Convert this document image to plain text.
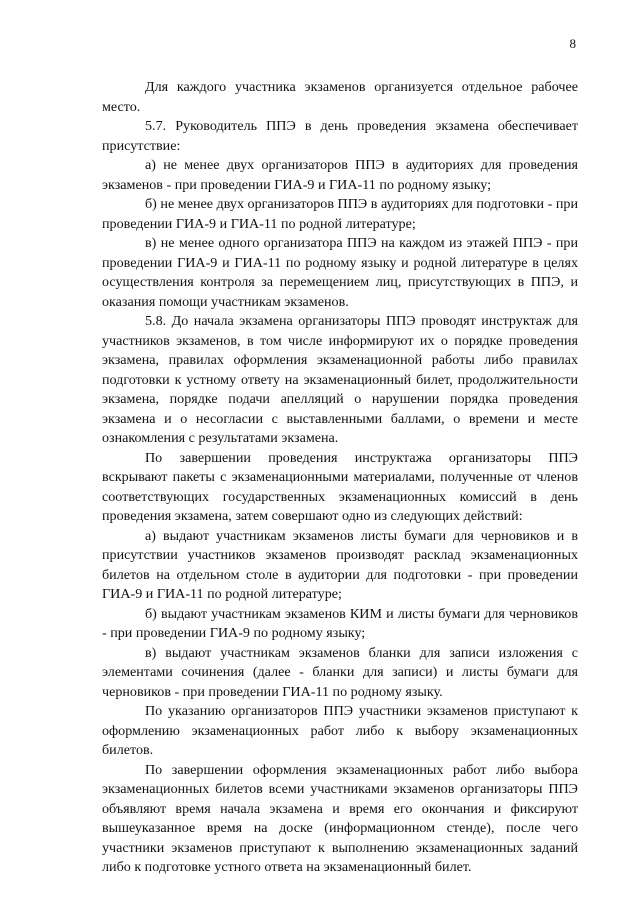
8

Для каждого участника экзаменов организуется отдельное рабочее место.

5.7. Руководитель ППЭ в день проведения экзамена обеспечивает присутствие:

а) не менее двух организаторов ППЭ в аудиториях для проведения экзаменов - при проведении ГИА-9 и ГИА-11 по родному языку;

б) не менее двух организаторов ППЭ в аудиториях для подготовки - при проведении ГИА-9 и ГИА-11 по родной литературе;

в) не менее одного организатора ППЭ на каждом из этажей ППЭ - при проведении ГИА-9 и ГИА-11 по родному языку и родной литературе в целях осуществления контроля за перемещением лиц, присутствующих в ППЭ, и оказания помощи участникам экзаменов.

5.8. До начала экзамена организаторы ППЭ проводят инструктаж для участников экзаменов, в том числе информируют их о порядке проведения экзамена, правилах оформления экзаменационной работы либо правилах подготовки к устному ответу на экзаменационный билет, продолжительности экзамена, порядке подачи апелляций о нарушении порядка проведения экзамена и о несогласии с выставленными баллами, о времени и месте ознакомления с результатами экзамена.

По завершении проведения инструктажа организаторы ППЭ вскрывают пакеты с экзаменационными материалами, полученные от членов соответствующих государственных экзаменационных комиссий в день проведения экзамена, затем совершают одно из следующих действий:

а) выдают участникам экзаменов листы бумаги для черновиков и в присутствии участников экзаменов производят расклад экзаменационных билетов на отдельном столе в аудитории для подготовки - при проведении ГИА-9 и ГИА-11 по родной литературе;

б) выдают участникам экзаменов КИМ и листы бумаги для черновиков - при проведении ГИА-9 по родному языку;

в) выдают участникам экзаменов бланки для записи изложения с элементами сочинения (далее - бланки для записи) и листы бумаги для черновиков - при проведении ГИА-11 по родному языку.

По указанию организаторов ППЭ участники экзаменов приступают к оформлению экзаменационных работ либо к выбору экзаменационных билетов.

По завершении оформления экзаменационных работ либо выбора экзаменационных билетов всеми участниками экзаменов организаторы ППЭ объявляют время начала экзамена и время его окончания и фиксируют вышеуказанное время на доске (информационном стенде), после чего участники экзаменов приступают к выполнению экзаменационных заданий либо к подготовке устного ответа на экзаменационный билет.
